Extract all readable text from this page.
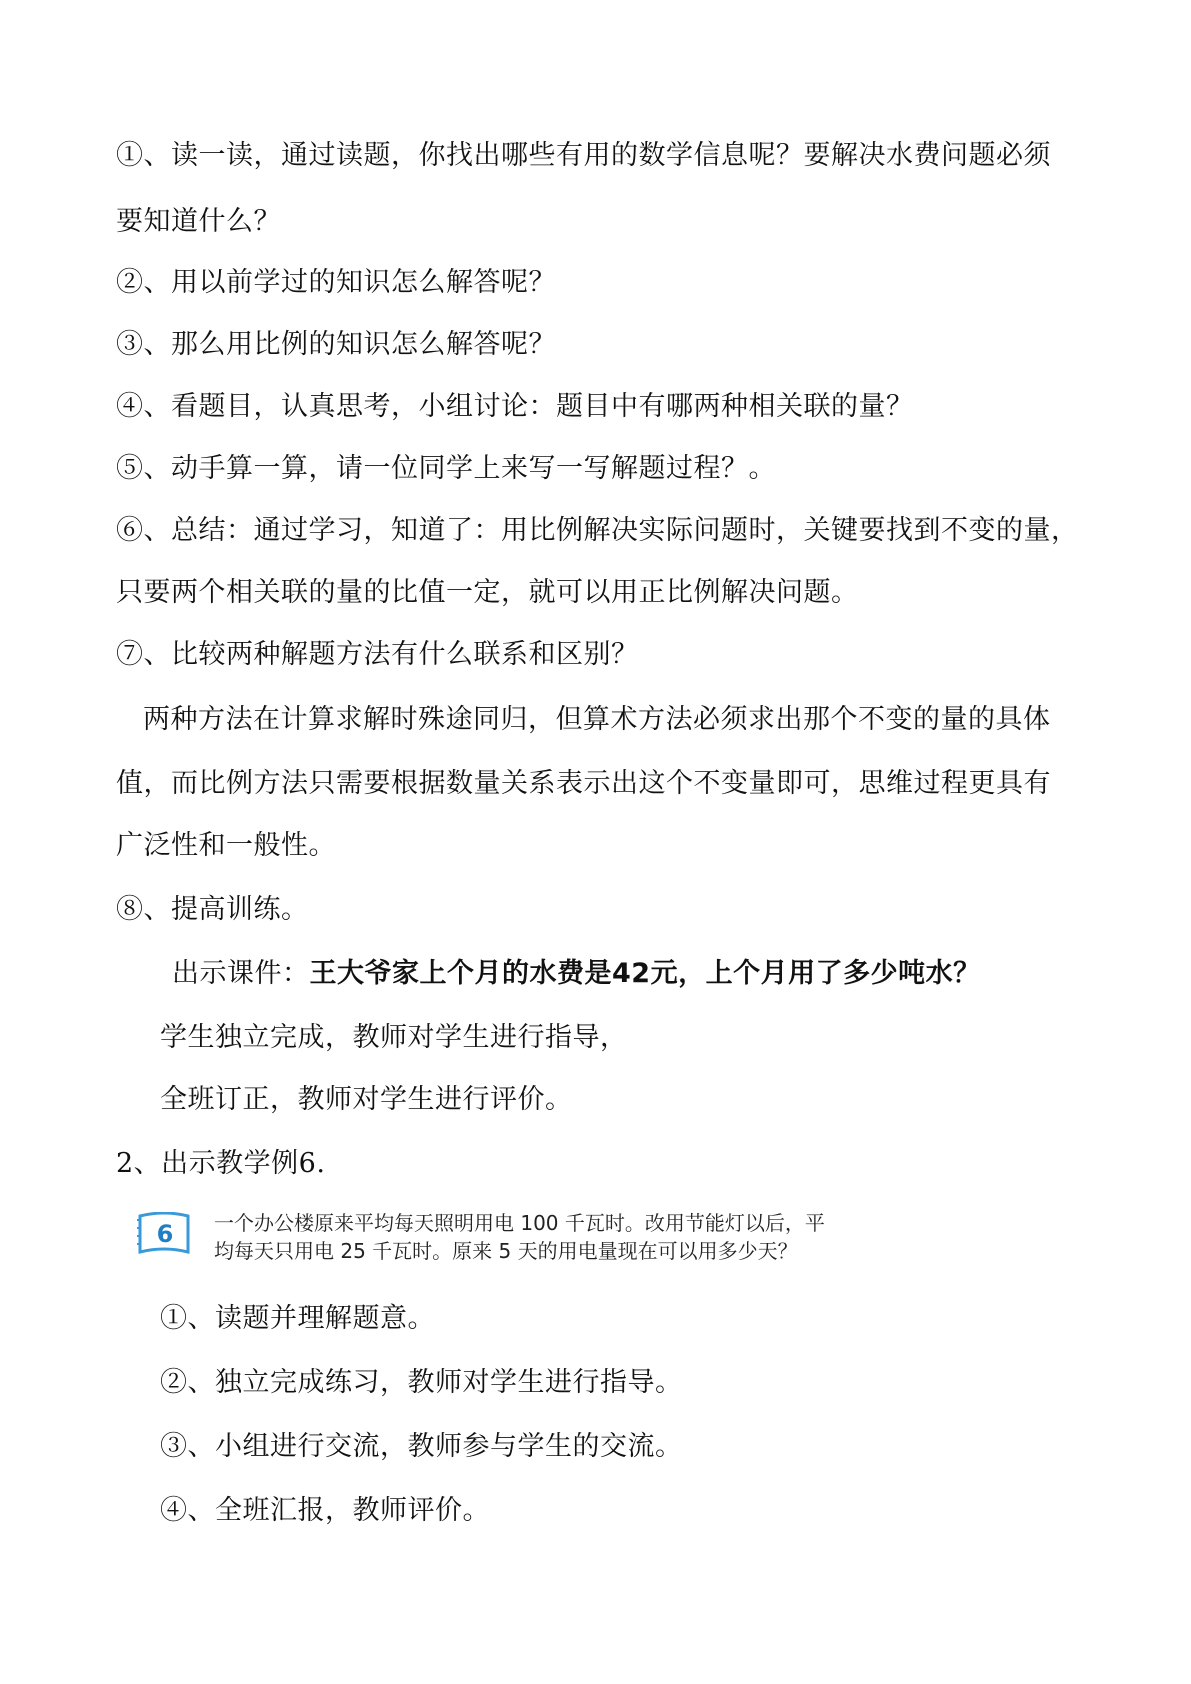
①、读一读，通过读题，你找出哪些有用的数学信息呢？要解决水费问题必须
要知道什么？
②、用以前学过的知识怎么解答呢？
③、那么用比例的知识怎么解答呢？
④、看题目，认真思考，小组讨论：题目中有哪两种相关联的量？
⑤、动手算一算，请一位同学上来写一写解题过程？。
⑥、总结：通过学习，知道了：用比例解决实际问题时，关键要找到不变的量，
只要两个相关联的量的比值一定，就可以用正比例解决问题。
⑦、比较两种解题方法有什么联系和区别？
两种方法在计算求解时殊途同归，但算术方法必须求出那个不变的量的具体
值，而比例方法只需要根据数量关系表示出这个不变量即可，思维过程更具有
广泛性和一般性。
⑧、提高训练。
出示课件：王大爷家上个月的水费是42元，上个月用了多少吨水？
学生独立完成，教师对学生进行指导，
全班订正，教师对学生进行评价。
2、出示教学例6.
6 一个办公楼原来平均每天照明用电 100 千瓦时。改用节能灯以后，平
均每天只用电 25 千瓦时。原来 5 天的用电量现在可以用多少天？
①、读题并理解题意。
②、独立完成练习，教师对学生进行指导。
③、小组进行交流，教师参与学生的交流。
④、全班汇报，教师评价。
